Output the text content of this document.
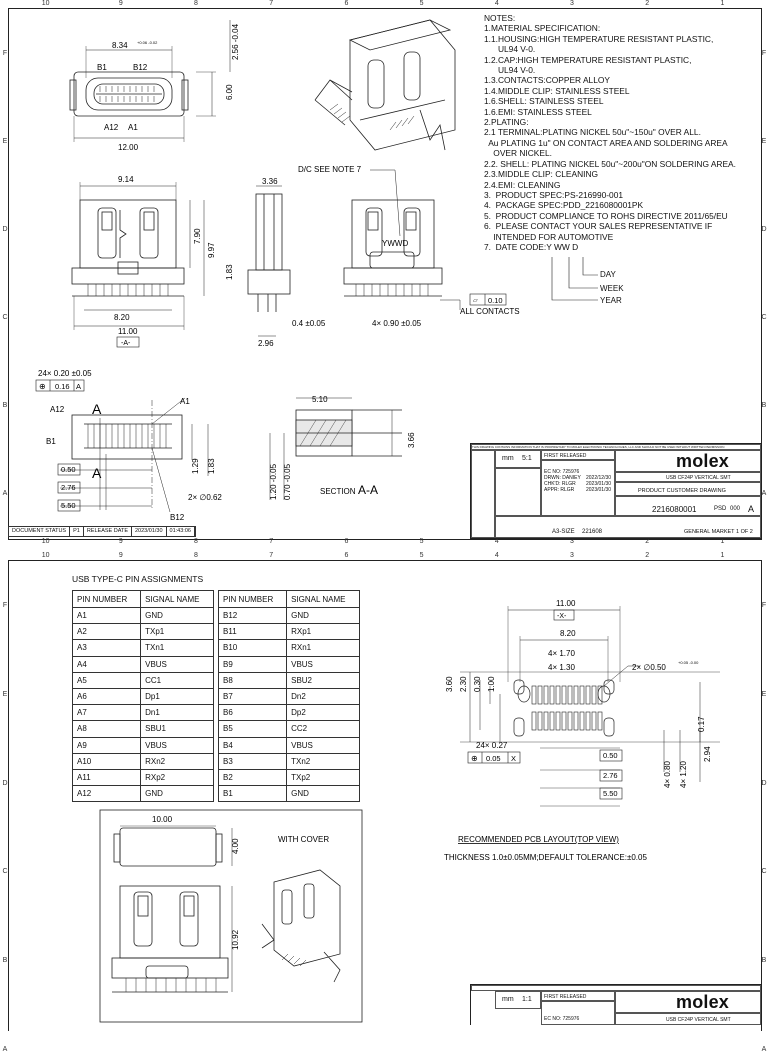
10
10
9
9
8
8
7
7
6
6
5
5
4
4
3
3
2
2
1
1
F	F
E	E
D	D
C	C
B	B
A	A
NOTES:
1.MATERIAL SPECIFICATION:
1.1.HOUSING:HIGH TEMPERATURE RESISTANT PLASTIC,
UL94 V-0.
1.2.CAP:HIGH TEMPERATURE RESISTANT PLASTIC,
UL94 V-0.
1.3.CONTACTS:COPPER ALLOY
1.4.MIDDLE CLIP: STAINLESS STEEL
1.6.SHELL: STAINLESS STEEL
1.6.EMI: STAINLESS STEEL
2.PLATING:
2.1 TERMINAL:PLATING NICKEL 50u"~150u" OVER ALL.
Au PLATING 1u" ON CONTACT AREA AND SOLDERING AREA
OVER NICKEL.
2.2. SHELL: PLATING NICKEL 50u"~200u"ON SOLDERING AREA.
2.3.MIDDLE CLIP: CLEANING
2.4.EMI: CLEANING
3.  PRODUCT SPEC:PS-216990-001
4.  PACKAGE SPEC:PDD_2216080001PK
5.  PRODUCT COMPLIANCE TO ROHS DIRECTIVE 2011/65/EU
6.  PLEASE CONTACT YOUR SALES REPRESENTATIVE IF
INTENDED FOR AUTOMOTIVE
7.  DATE CODE:Y WW D
DAY
WEEK
YEAR
8.34 +0.06 -0.02
B1	B12
A12 A1
12.00
6.00
2.56 -0.04
9.14
7.90
9.97
1.83
8.20
11.00
-A-
3.36
2.96
0.4 ±0.05
D/C SEE NOTE 7
YWWD
4× 0.90 ±0.05
⏥ 0.10
ALL CONTACTS
24× 0.20 ±0.05
⊕ 0.16 A
A12
A1
B1
B12
A
A
0.50
2.76
5.50
1.29 1.83
2× ∅0.62
5.10
3.66
1.20 -0.05 0.70 -0.05	SECTION A-A
THIS DRAWING CONTAINS INFORMATION THAT IS PROPRIETARY TO MOLEX ELECTRONIC TECHNOLOGIES, LLC AND SHOULD NOT BE USED WITHOUT WRITTEN PERMISSION
mm 5:1 FIRST RELEASED
EC NO: 725976
DRWN: DANIEY 2022/12/30
CHK'D: RLGR 2023/01/30
APPR: RLGR 2023/01/30
molex
USB CF24P VERTICAL SMT
PRODUCT CUSTOMER DRAWING
2216080001	PSD 000 A
A3-SIZE 221608	GENERAL MARKET 1 OF 2
DOCUMENT STATUS	P1	RELEASE DATE	2023/01/30	01:43:06
10	9	8	7	6	5	4	3	2	1
F	F
E	E
D	D
C	C
B	B
A	A
USB TYPE-C PIN ASSIGNMENTS
PIN NUMBER	SIGNAL NAME
A1	GND
A2	TXp1
A3	TXn1
A4	VBUS
A5	CC1
A6	Dp1
A7	Dn1
A8	SBU1
A9	VBUS
A10	RXn2
A11	RXp2
A12	GND
PIN NUMBER	SIGNAL NAME
B12	GND
B11	RXp1
B10	RXn1
B9	VBUS
B8	SBU2
B7	Dn2
B6	Dp2
B5	CC2
B4	VBUS
B3	TXn2
B2	TXp2
B1	GND
11.00
-X-
8.20
4× 1.70
4× 1.30	2× ∅0.50
+0.05 -0.00
3.60 2.30 0.30 1.00
0.17
24× 0.27
⊕ 0.05 X	0.50
2.76
5.50
4× 0.80 4× 1.20
2.94
RECOMMENDED PCB LAYOUT(TOP VIEW)
THICKNESS 1.0±0.05MM;DEFAULT TOLERANCE:±0.05
10.00
4.00
10.92
WITH COVER
mm 1:1 FIRST RELEASED
EC NO: 725976
molex
USB CF24P VERTICAL SMT
